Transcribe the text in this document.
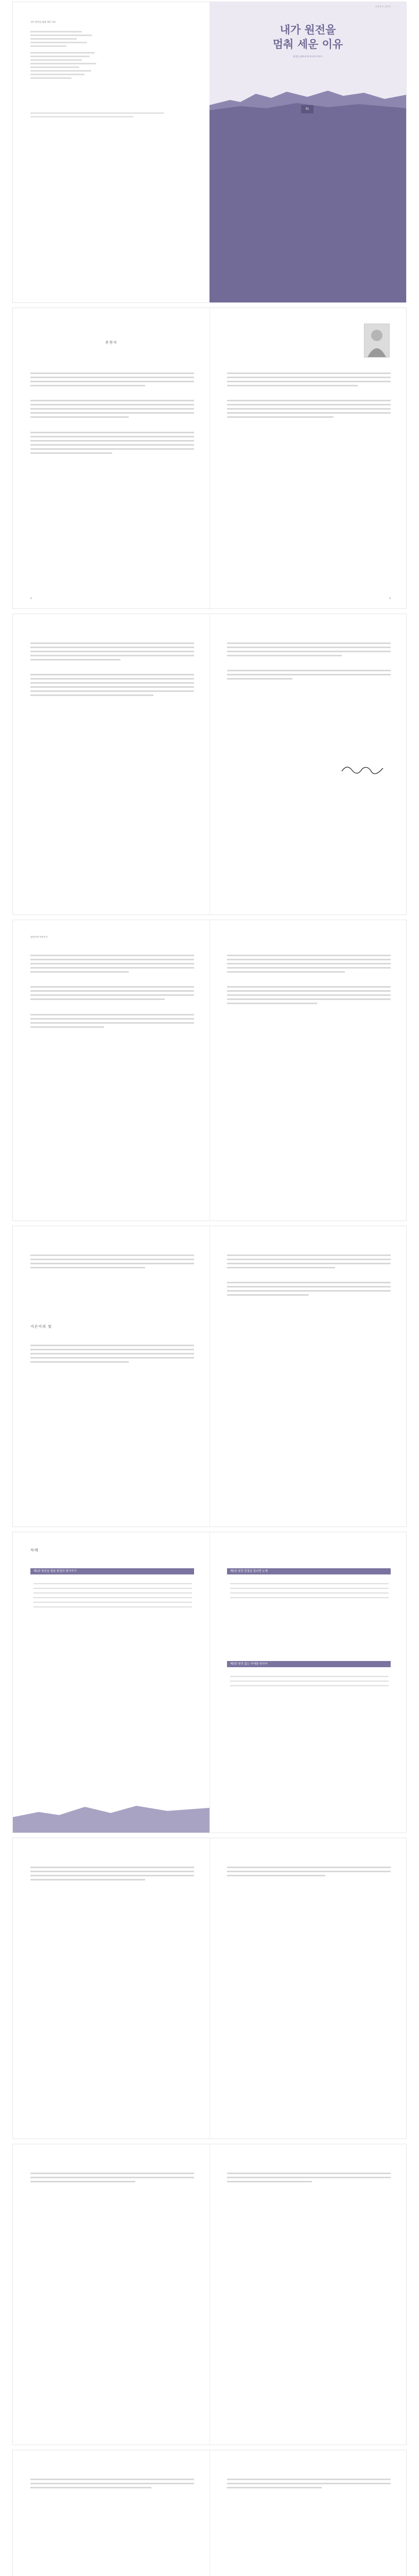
내가 원전을 멈춰 세운 이유
교정 원고 검토본
내가 원전을
멈춰 세운 이유
원전을 멈추게 한 판사의 이야기
01
추천사

4	5

원전이란 무엇인가

지은이의 말

차례
제1장 원전을 멈춘 판결의 뒷이야기	제2장 원전 판결을 둘러싼 논쟁
제3장 원전 없는 미래를 위하여
